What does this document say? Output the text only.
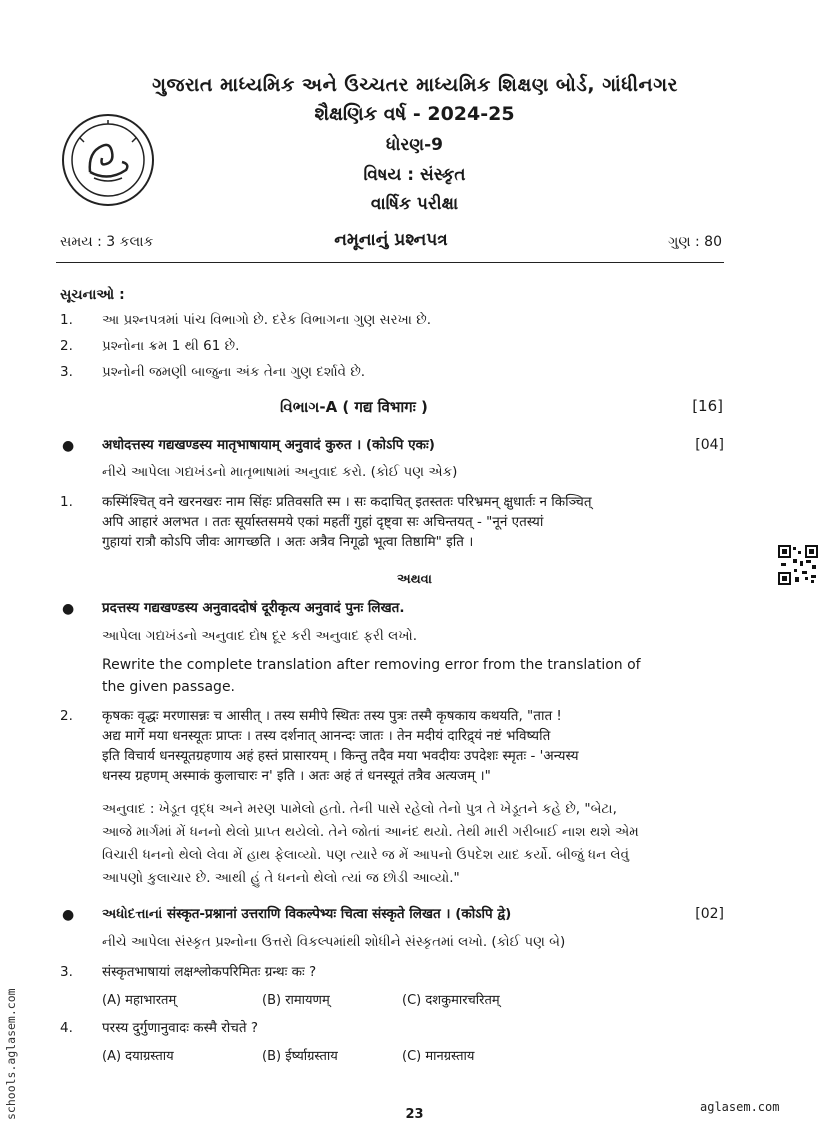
ગુજરાત માધ્યમિક અને ઉચ્ચતર માધ્યમિક શિક્ષણ બોર્ડ, ગાંધીનગર
શૈક્ષણિક વર્ષ - 2024-25
ધોરણ-9
વિષય : સંસ્કૃત
વાર્ષિક પરીક્ષા
સમય : 3 કલાક	નમૂનાનું પ્રશ્નપત્ર	ગુણ : 80
સૂચનાઓ :
1. આ પ્રશ્નપત્રમાં પાંચ વિભાગો છે. દરેક વિભાગના ગુણ સરખા છે.
2. પ્રશ્નોના ક્રમ 1 થી 61 છે.
3. પ્રશ્નોની જમણી બાજુના અંક તેના ગુણ દર્શાવે છે.
વિભાગ-A ( गद्य विभागः )	[16]
● अधोदत्तस्य गद्यखण्डस्य मातृभाषायाम् अनुवादं कुरुत । (कोऽपि एकः)	[04]
નીચે આપેલા ગદ્યખંડનો માતૃભાષામાં અનુવાદ કરો. (કોઈ પણ એક)
1. कस्मिंश्चित् वने खरनखरः नाम सिंहः प्रतिवसति स्म । सः कदाचित् इतस्ततः परिभ्रमन् क्षुधार्तः न किञ्चित्
अपि आहारं अलभत । ततः सूर्यास्तसमये एकां महतीं गुहां दृष्ट्वा सः अचिन्तयत् - "नूनं एतस्यां
गुहायां रात्रौ कोऽपि जीवः आगच्छति । अतः अत्रैव निगूढो भूत्वा तिष्ठामि" इति ।
અથવા
● प्रदत्तस्य गद्यखण्डस्य अनुवाददोषं दूरीकृत्य अनुवादं पुनः लिखत.
આપેલા ગદ્યખંડનો અનુવાદ દોષ દૂર કરી અનુવાદ ફરી લખો.
Rewrite the complete translation after removing error from the translation of
the given passage.
2. कृषकः वृद्धः मरणासन्नः च आसीत् । तस्य समीपे स्थितः तस्य पुत्रः तस्मै कृषकाय कथयति, "तात !
अद्य मार्गे मया धनस्यूतः प्राप्तः । तस्य दर्शनात् आनन्दः जातः । तेन मदीयं दारिद्र्यं नष्टं भविष्यति
इति विचार्य धनस्यूतग्रहणाय अहं हस्तं प्रासारयम् । किन्तु तदैव मया भवदीयः उपदेशः स्मृतः - 'अन्यस्य
धनस्य ग्रहणम् अस्माकं कुलाचारः न' इति । अतः अहं तं धनस्यूतं तत्रैव अत्यजम् ।"
અનુવાદ : ખેડૂત વૃદ્ધ અને મરણ પામેલો હતો. તેની પાસે રહેલો તેનો પુત્ર તે ખેડૂતને કહે છે, "બેટા,
આજે માર્ગમાં મેં ધનનો થેલો પ્રાપ્ત થયેલો. તેને જોતાં આનંદ થયો. તેથી મારી ગરીબાઈ નાશ થશે એમ
વિચારી ધનનો થેલો લેવા મેં હાથ ફેલાવ્યો. પણ ત્યારે જ મેં આપનો ઉપદેશ યાદ કર્યો. બીજું ધન લેવું
આપણો કુલાચાર છે. આથી હું તે ધનનો થેલો ત્યાં જ છોડી આવ્યો."
● અધોદત્તાનાં संस्कृत-प्रश्नानां उत्तराणि विकल्पेभ्यः चित्वा संस्कृते लिखत । (कोऽपि द्वे)	[02]
નીચે આપેલા સંસ્કૃત પ્રશ્નોના ઉત્તરો વિકલ્પમાંથી શોધીને સંસ્કૃતમાં લખો. (કોઈ પણ બે)
3. संस्कृतभाषायां लक्षश्लोकपरिमितः ग्रन्थः कः ?
(A) महाभारतम्	(B) रामायणम्	(C) दशकुमारचरितम्
4. परस्य दुर्गुणानुवादः कस्मै रोचते ?
(A) दयाग्रस्ताय	(B) ईर्ष्याग्रस्ताय	(C) मानग्रस्ताय
schools.aglasem.com	23	aglasem.com
